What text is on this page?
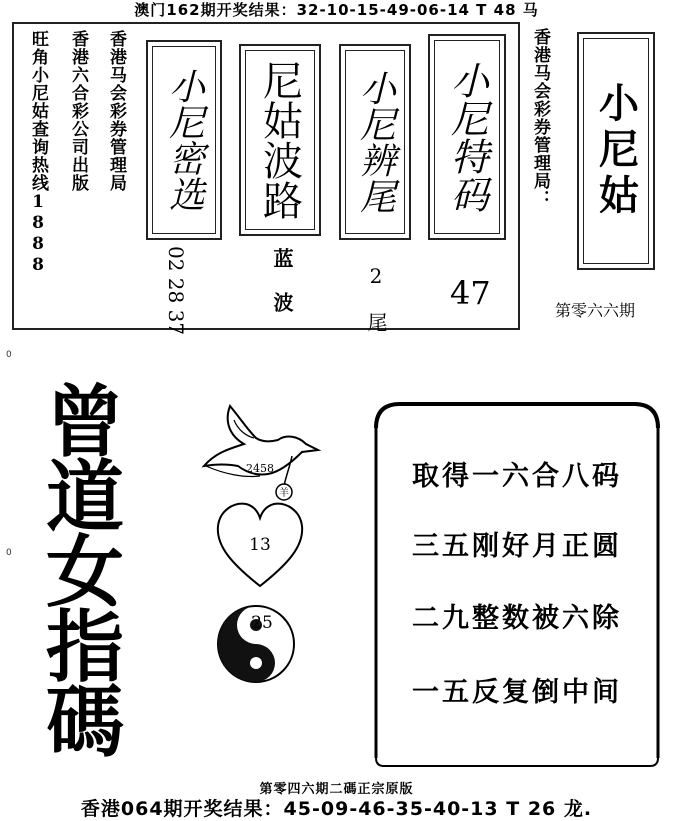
澳门162期开奖结果：32-10-15-49-06-14 T 48 马
旺角小尼姑查询热线1888 香港六合彩公司出版 香港马会彩券管理局 小尼密选 尼姑波路 小尼辨尾 小尼特码
02 28 37	蓝 波	2 尾 47
香港马会彩券管理局： 小尼姑
第零六六期
0
0
曾
道
女
指
碼
羊
2458
13
25
取得一六合八码
三五刚好月正圆
二九整数被六除
一五反复倒中间
第零四六期二碼正宗原版
香港064期开奖结果：45-09-46-35-40-13 T 26 龙.
